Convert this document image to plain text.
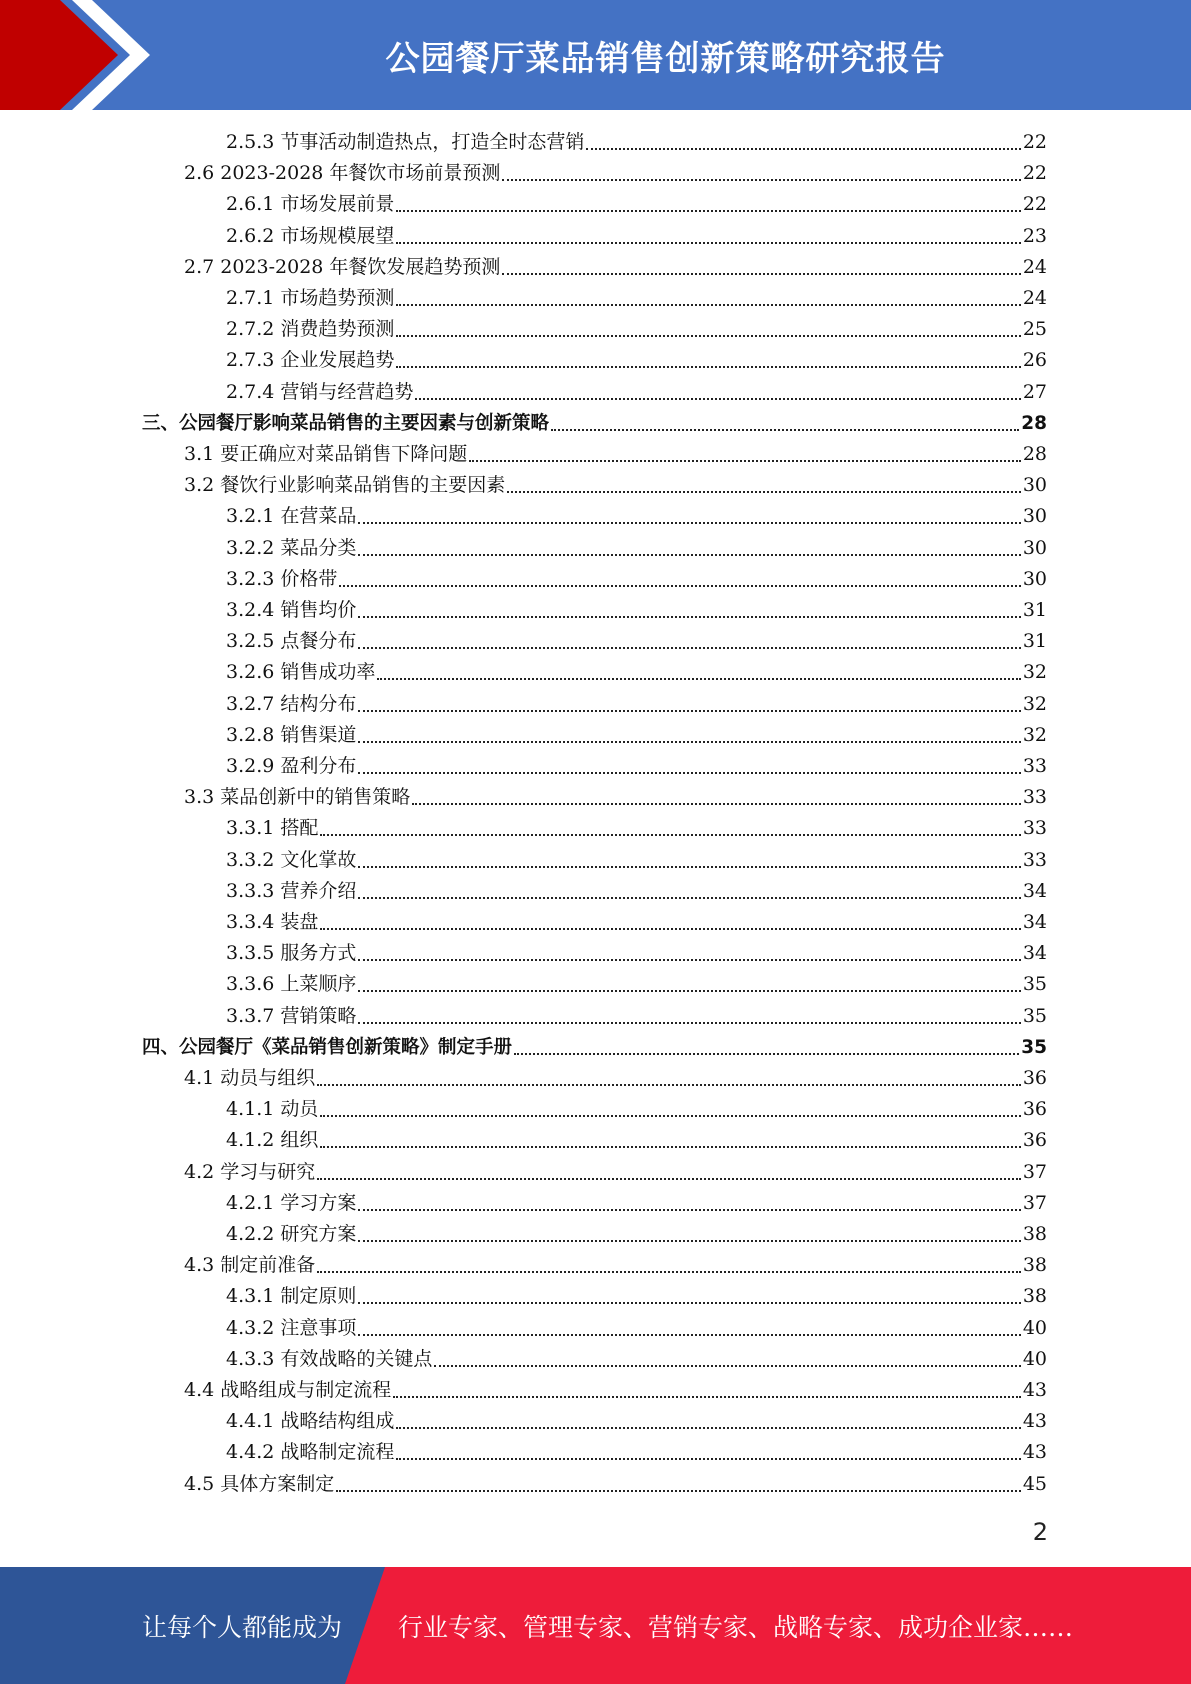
公园餐厅菜品销售创新策略研究报告
2.5.3 节事活动制造热点，打造全时态营销	22
2.6 2023-2028 年餐饮市场前景预测	22
2.6.1 市场发展前景	22
2.6.2 市场规模展望	23
2.7 2023-2028 年餐饮发展趋势预测	24
2.7.1 市场趋势预测	24
2.7.2 消费趋势预测	25
2.7.3 企业发展趋势	26
2.7.4 营销与经营趋势	27
三、公园餐厅影响菜品销售的主要因素与创新策略	28
3.1 要正确应对菜品销售下降问题	28
3.2 餐饮行业影响菜品销售的主要因素	30
3.2.1 在营菜品	30
3.2.2 菜品分类	30
3.2.3 价格带	30
3.2.4 销售均价	31
3.2.5 点餐分布	31
3.2.6 销售成功率	32
3.2.7 结构分布	32
3.2.8 销售渠道	32
3.2.9 盈利分布	33
3.3 菜品创新中的销售策略	33
3.3.1 搭配	33
3.3.2 文化掌故	33
3.3.3 营养介绍	34
3.3.4 装盘	34
3.3.5 服务方式	34
3.3.6 上菜顺序	35
3.3.7 营销策略	35
四、公园餐厅《菜品销售创新策略》制定手册	35
4.1 动员与组织	36
4.1.1 动员	36
4.1.2 组织	36
4.2 学习与研究	37
4.2.1 学习方案	37
4.2.2 研究方案	38
4.3 制定前准备	38
4.3.1 制定原则	38
4.3.2 注意事项	40
4.3.3 有效战略的关键点	40
4.4 战略组成与制定流程	43
4.4.1 战略结构组成	43
4.4.2 战略制定流程	43
4.5 具体方案制定	45
2
让每个人都能成为 行业专家、管理专家、营销专家、战略专家、成功企业家……
